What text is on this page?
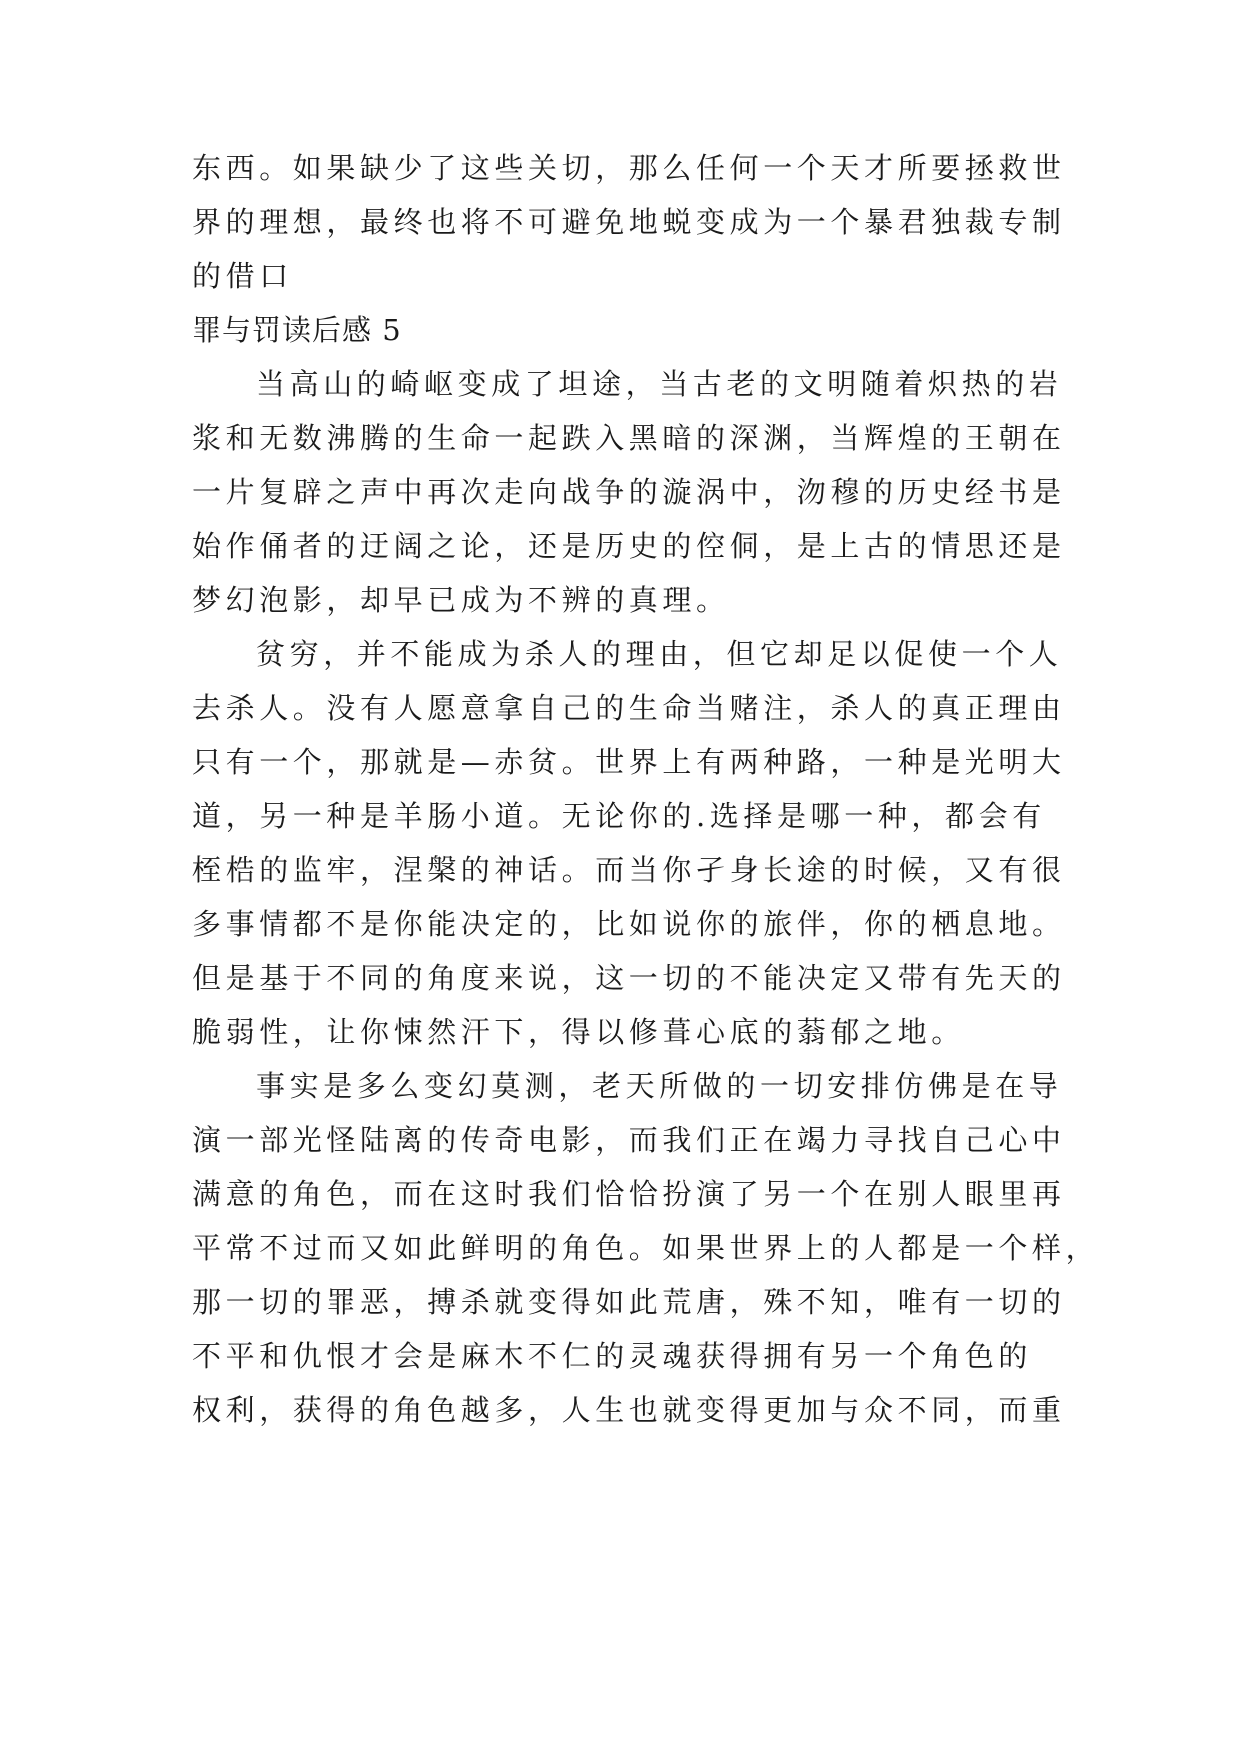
东西。如果缺少了这些关切，那么任何一个天才所要拯救世

界的理想，最终也将不可避免地蜕变成为一个暴君独裁专制

的借口

罪与罚读后感 5

当高山的崎岖变成了坦途，当古老的文明随着炽热的岩

浆和无数沸腾的生命一起跌入黑暗的深渊，当辉煌的王朝在

一片复辟之声中再次走向战争的漩涡中，沕穆的历史经书是

始作俑者的迂阔之论，还是历史的倥侗，是上古的情思还是

梦幻泡影，却早已成为不辨的真理。

贫穷，并不能成为杀人的理由，但它却足以促使一个人

去杀人。没有人愿意拿自己的生命当赌注，杀人的真正理由

只有一个，那就是—赤贫。世界上有两种路，一种是光明大

道，另一种是羊肠小道。无论你的.选择是哪一种，都会有

桎梏的监牢，涅槃的神话。而当你孑身长途的时候，又有很

多事情都不是你能决定的，比如说你的旅伴，你的栖息地。

但是基于不同的角度来说，这一切的不能决定又带有先天的

脆弱性，让你悚然汗下，得以修葺心底的蓊郁之地。

事实是多么变幻莫测，老天所做的一切安排仿佛是在导

演一部光怪陆离的传奇电影，而我们正在竭力寻找自己心中

满意的角色，而在这时我们恰恰扮演了另一个在别人眼里再

平常不过而又如此鲜明的角色。如果世界上的人都是一个样，

那一切的罪恶，搏杀就变得如此荒唐，殊不知，唯有一切的

不平和仇恨才会是麻木不仁的灵魂获得拥有另一个角色的

权利，获得的角色越多，人生也就变得更加与众不同，而重
